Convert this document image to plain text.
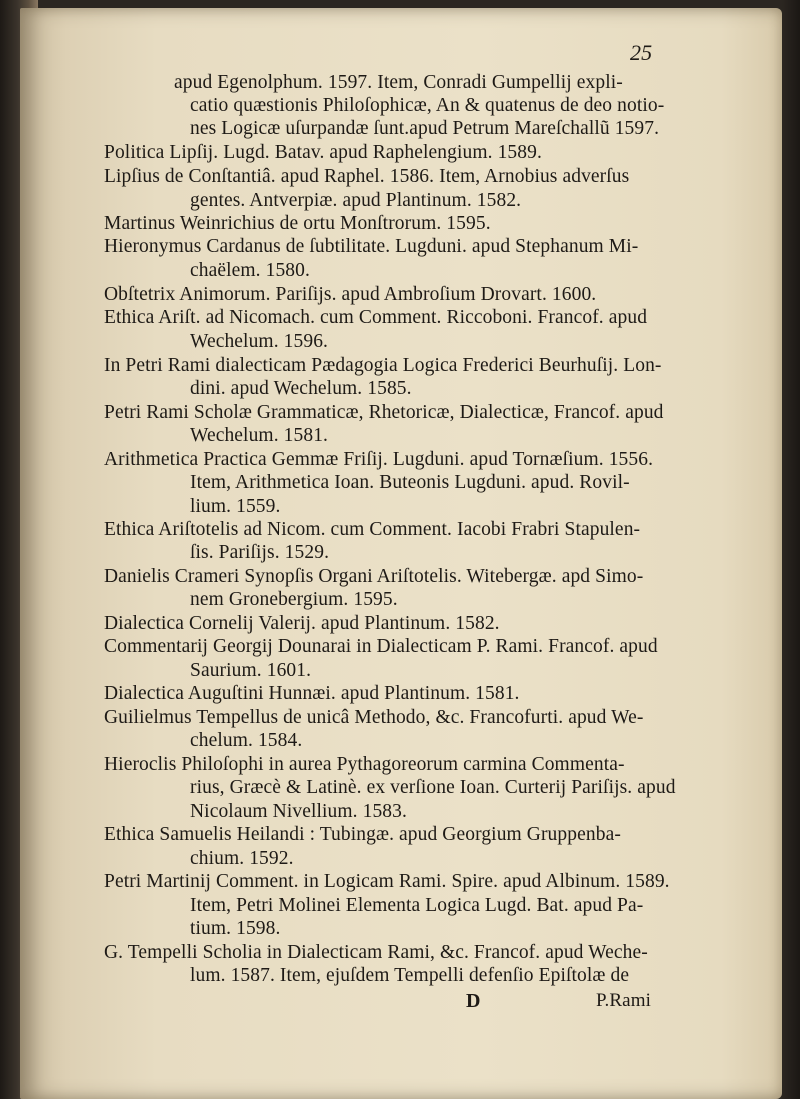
25
apud Egenolphum. 1597. Item, Conradi Gumpellij expli-
catio quæstionis Philoſophicæ, An & quatenus de deo notio-
nes Logicæ uſurpandæ ſunt.apud Petrum Mareſchallũ 1597.
Politica Lipſij. Lugd. Batav. apud Raphelengium. 1589.
Lipſius de Conſtantiâ. apud Raphel. 1586. Item, Arnobius adverſus
gentes. Antverpiæ. apud Plantinum. 1582.
Martinus Weinrichius de ortu Monſtrorum. 1595.
Hieronymus Cardanus de ſubtilitate. Lugduni. apud Stephanum Mi-
chaëlem. 1580.
Obſtetrix Animorum. Pariſijs. apud Ambroſium Drovart. 1600.
Ethica Ariſt. ad Nicomach. cum Comment. Riccoboni. Francof. apud
Wechelum. 1596.
In Petri Rami dialecticam Pædagogia Logica Frederici Beurhuſij. Lon-
dini. apud Wechelum. 1585.
Petri Rami Scholæ Grammaticæ, Rhetoricæ, Dialecticæ, Francof. apud
Wechelum. 1581.
Arithmetica Practica Gemmæ Friſij. Lugduni. apud Tornæſium. 1556.
Item, Arithmetica Ioan. Buteonis Lugduni. apud. Rovil-
lium. 1559.
Ethica Ariſtotelis ad Nicom. cum Comment. Iacobi Frabri Stapulen-
ſis. Pariſijs. 1529.
Danielis Crameri Synopſis Organi Ariſtotelis. Witebergæ. apd Simo-
nem Gronebergium. 1595.
Dialectica Cornelij Valerij. apud Plantinum. 1582.
Commentarij Georgij Dounarai in Dialecticam P. Rami. Francof. apud
Saurium. 1601.
Dialectica Auguſtini Hunnæi. apud Plantinum. 1581.
Guilielmus Tempellus de unicâ Methodo, &c. Francofurti. apud We-
chelum. 1584.
Hieroclis Philoſophi in aurea Pythagoreorum carmina Commenta-
rius, Græcè & Latinè. ex verſione Ioan. Curterij Pariſijs. apud
Nicolaum Nivellium. 1583.
Ethica Samuelis Heilandi : Tubingæ. apud Georgium Gruppenba-
chium. 1592.
Petri Martinij Comment. in Logicam Rami. Spire. apud Albinum. 1589.
Item, Petri Molinei Elementa Logica Lugd. Bat. apud Pa-
tium. 1598.
G. Tempelli Scholia in Dialecticam Rami, &c. Francof. apud Weche-
lum. 1587. Item, ejuſdem Tempelli defenſio Epiſtolæ de
D	P.Rami
